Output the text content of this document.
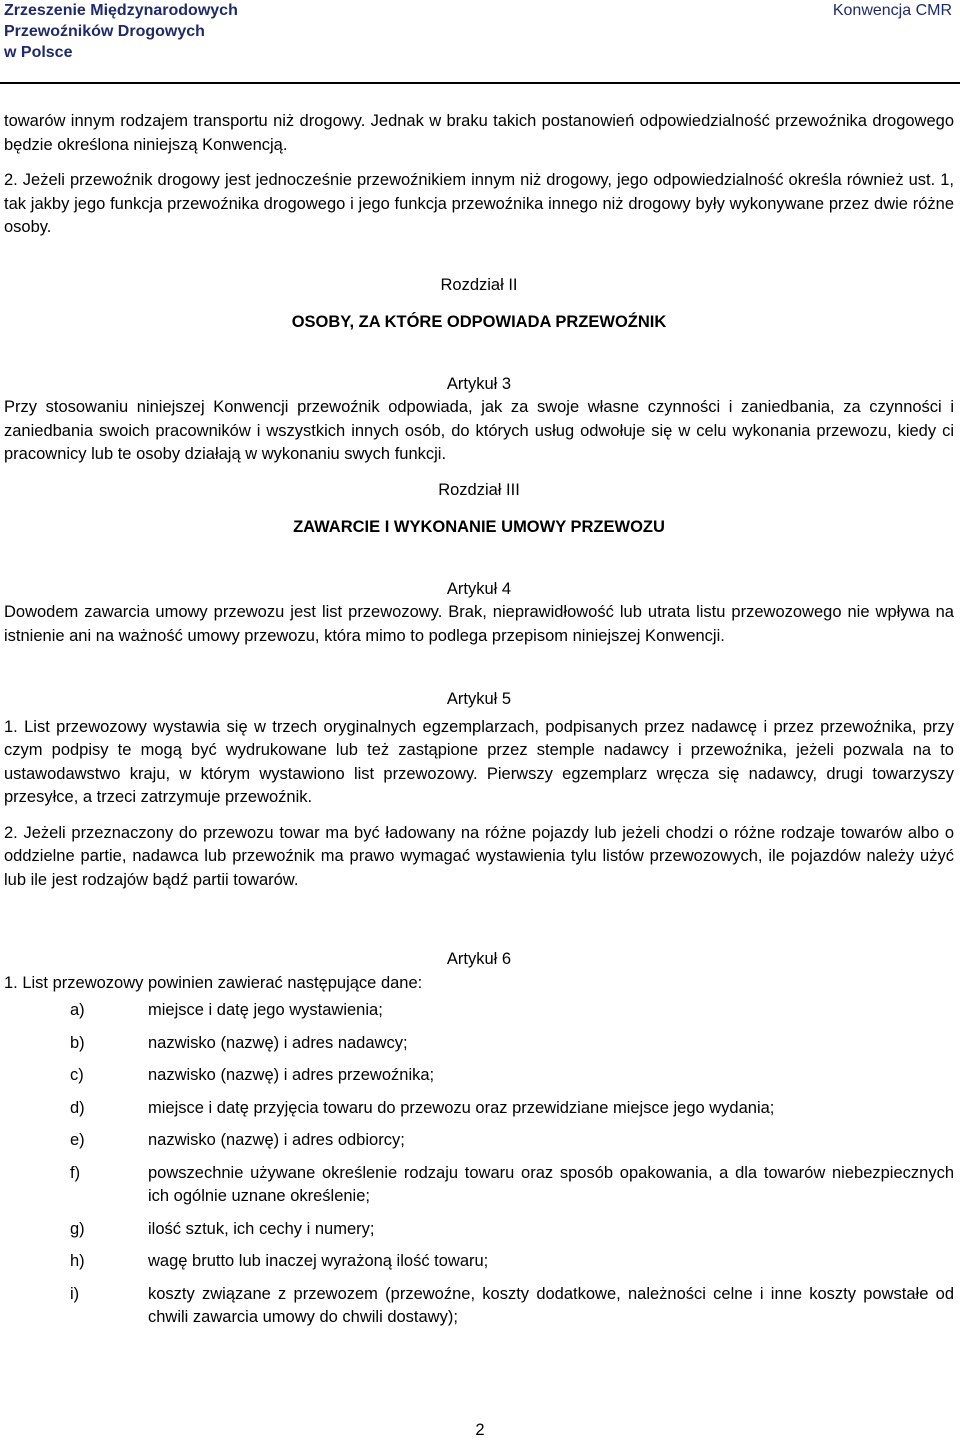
Zrzeszenie Międzynarodowych
Przewoźników Drogowych
w Polsce
Konwencja CMR

towarów innym rodzajem transportu niż drogowy. Jednak w braku takich postanowień odpowiedzialność przewoźnika drogowego będzie określona niniejszą Konwencją.

2. Jeżeli przewoźnik drogowy jest jednocześnie przewoźnikiem innym niż drogowy, jego odpowiedzialność określa również ust. 1, tak jakby jego funkcja przewoźnika drogowego i jego funkcja przewoźnika innego niż drogowy były wykonywane przez dwie różne osoby.

Rozdział II

OSOBY, ZA KTÓRE ODPOWIADA PRZEWOŹNIK

Artykuł 3

Przy stosowaniu niniejszej Konwencji przewoźnik odpowiada, jak za swoje własne czynności i zaniedbania, za czynności i zaniedbania swoich pracowników i wszystkich innych osób, do których usług odwołuje się w celu wykonania przewozu, kiedy ci pracownicy lub te osoby działają w wykonaniu swych funkcji.

Rozdział III

ZAWARCIE I WYKONANIE UMOWY PRZEWOZU

Artykuł 4

Dowodem zawarcia umowy przewozu jest list przewozowy. Brak, nieprawidłowość lub utrata listu przewozowego nie wpływa na istnienie ani na ważność umowy przewozu, która mimo to podlega przepisom niniejszej Konwencji.

Artykuł 5

1. List przewozowy wystawia się w trzech oryginalnych egzemplarzach, podpisanych przez nadawcę i przez przewoźnika, przy czym podpisy te mogą być wydrukowane lub też zastąpione przez stemple nadawcy i przewoźnika, jeżeli pozwala na to ustawodawstwo kraju, w którym wystawiono list przewozowy. Pierwszy egzemplarz wręcza się nadawcy, drugi towarzyszy przesyłce, a trzeci zatrzymuje przewoźnik.

2. Jeżeli przeznaczony do przewozu towar ma być ładowany na różne pojazdy lub jeżeli chodzi o różne rodzaje towarów albo o oddzielne partie, nadawca lub przewoźnik ma prawo wymagać wystawienia tylu listów przewozowych, ile pojazdów należy użyć lub ile jest rodzajów bądź partii towarów.

Artykuł 6

1. List przewozowy powinien zawierać następujące dane:

a)	miejsce i datę jego wystawienia;
b)	nazwisko (nazwę) i adres nadawcy;
c)	nazwisko (nazwę) i adres przewoźnika;
d)	miejsce i datę przyjęcia towaru do przewozu oraz przewidziane miejsce jego wydania;
e)	nazwisko (nazwę) i adres odbiorcy;
f)	powszechnie używane określenie rodzaju towaru oraz sposób opakowania, a dla towarów niebezpiecznych ich ogólnie uznane określenie;
g)	ilość sztuk, ich cechy i numery;
h)	wagę brutto lub inaczej wyrażoną ilość towaru;
i)	koszty związane z przewozem (przewoźne, koszty dodatkowe, należności celne i inne koszty powstałe od chwili zawarcia umowy do chwili dostawy);
2
